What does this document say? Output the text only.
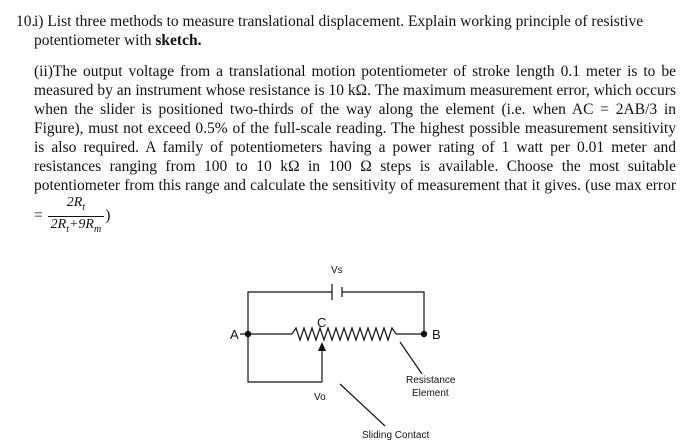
10.
i) List three methods to measure translational displacement. Explain working principle of resistive potentiometer with sketch.
(ii)The output voltage from a translational motion potentiometer of stroke length 0.1 meter is to be measured by an instrument whose resistance is 10 kΩ. The maximum measurement error, which occurs when the slider is positioned two-thirds of the way along the element (i.e. when AC = 2AB/3 in Figure), must not exceed 0.5% of the full-scale reading. The highest possible measurement sensitivity is also required. A family of potentiometers having a power rating of 1 watt per 0.01 meter and resistances ranging from 100 to 10 kΩ in 100 Ω steps is available. Choose the most suitable potentiometer from this range and calculate the sensitivity of measurement that it gives. (use max error = $\frac{2R_t}{2R_t+9R_m}$ )
Vs
A
C
B
Vo
Resistance
Element
Sliding Contact
